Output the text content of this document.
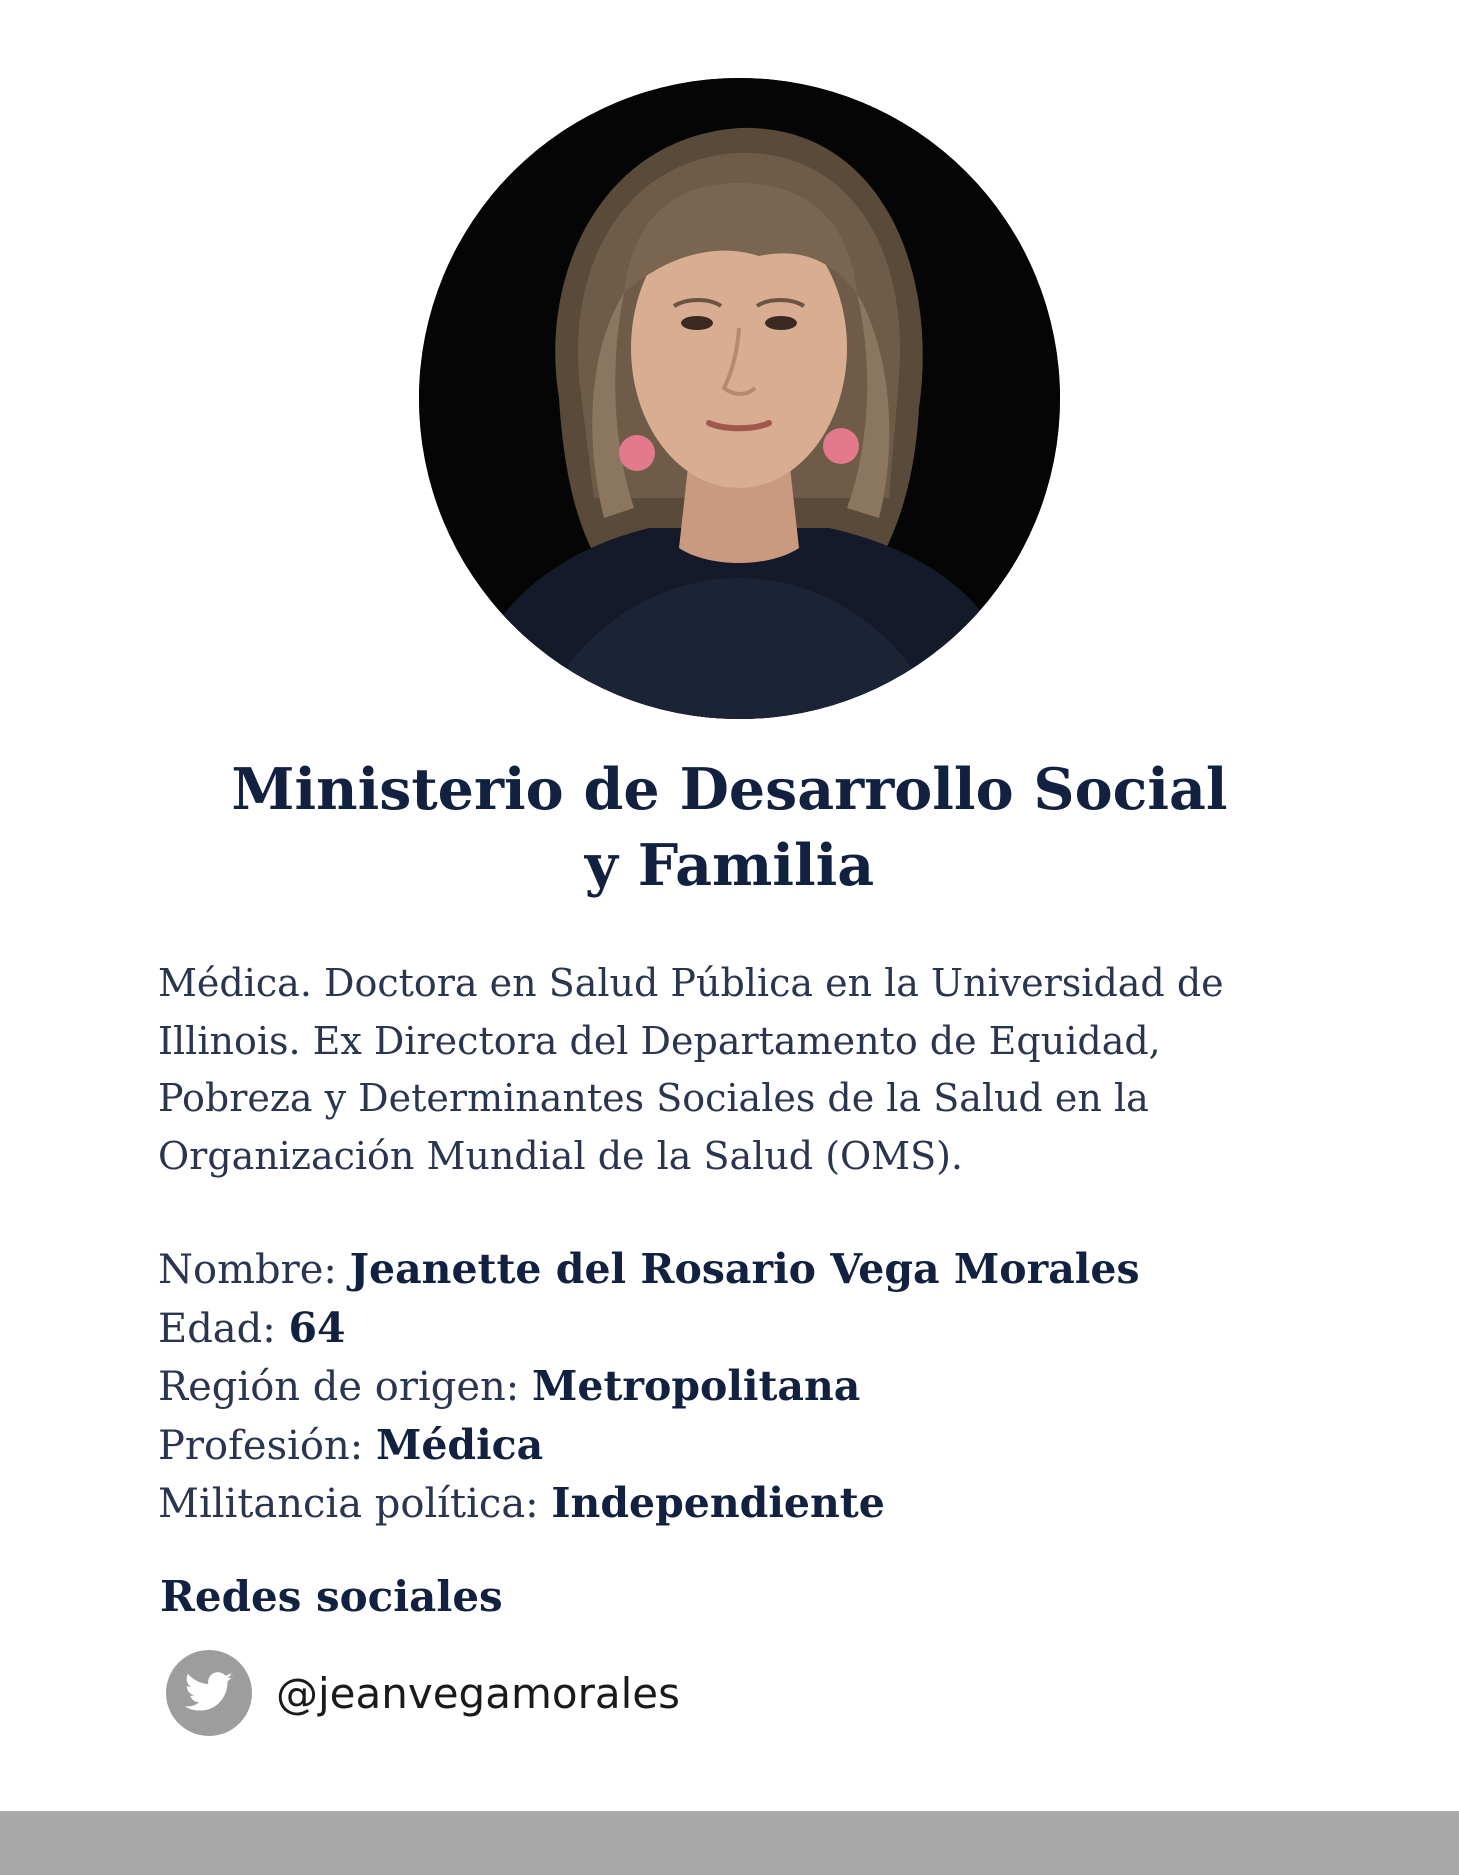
Ministerio de Desarrollo Social
y Familia

Médica. Doctora en Salud Pública en la Universidad de
Illinois. Ex Directora del Departamento de Equidad,
Pobreza y Determinantes Sociales de la Salud en la
Organización Mundial de la Salud (OMS).

Nombre: Jeanette del Rosario Vega Morales
Edad: 64
Región de origen: Metropolitana
Profesión: Médica
Militancia política: Independiente
Redes sociales
@jeanvegamorales
